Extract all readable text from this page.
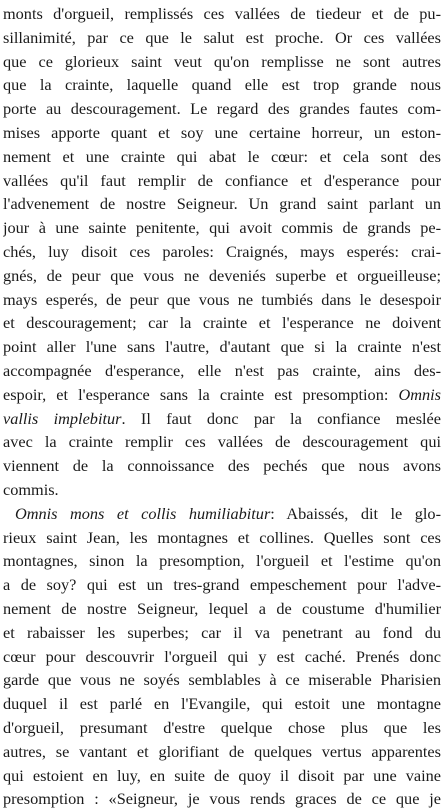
monts d'orgueil, remplissés ces vallées de tiedeur et de pu-
sillanimité, par ce que le salut est proche. Or ces vallées
que ce glorieux saint veut qu'on remplisse ne sont autres
que la crainte, laquelle quand elle est trop grande nous
porte au descouragement. Le regard des grandes fautes com-
mises apporte quant et soy une certaine horreur, un eston-
nement et une crainte qui abat le cœur: et cela sont des
vallées qu'il faut remplir de confiance et d'esperance pour
l'advenement de nostre Seigneur. Un grand saint parlant un
jour à une sainte penitente, qui avoit commis de grands pe-
chés, luy disoit ces paroles: Craignés, mays esperés: crai-
gnés, de peur que vous ne deveniés superbe et orgueilleuse;
mays esperés, de peur que vous ne tumbiés dans le desespoir
et descouragement; car la crainte et l'esperance ne doivent
point aller l'une sans l'autre, d'autant que si la crainte n'est
accompagnée d'esperance, elle n'est pas crainte, ains des-
espoir, et l'esperance sans la crainte est presomption: Omnis
vallis implebitur. Il faut donc par la confiance meslée
avec la crainte remplir ces vallées de descouragement qui
viennent de la connoissance des pechés que nous avons
commis.
Omnis mons et collis humiliabitur: Abaissés, dit le glo-
rieux saint Jean, les montagnes et collines. Quelles sont ces
montagnes, sinon la presomption, l'orgueil et l'estime qu'on
a de soy? qui est un tres-grand empeschement pour l'adve-
nement de nostre Seigneur, lequel a de coustume d'humilier
et rabaisser les superbes; car il va penetrant au fond du
cœur pour descouvrir l'orgueil qui y est caché. Prenés donc
garde que vous ne soyés semblables à ce miserable Pharisien
duquel il est parlé en l'Evangile, qui estoit une montagne
d'orgueil, presumant d'estre quelque chose plus que les
autres, se vantant et glorifiant de quelques vertus apparentes
qui estoient en luy, en suite de quoy il disoit par une vaine
presomption : «Seigneur, je vous rends graces de ce que je
